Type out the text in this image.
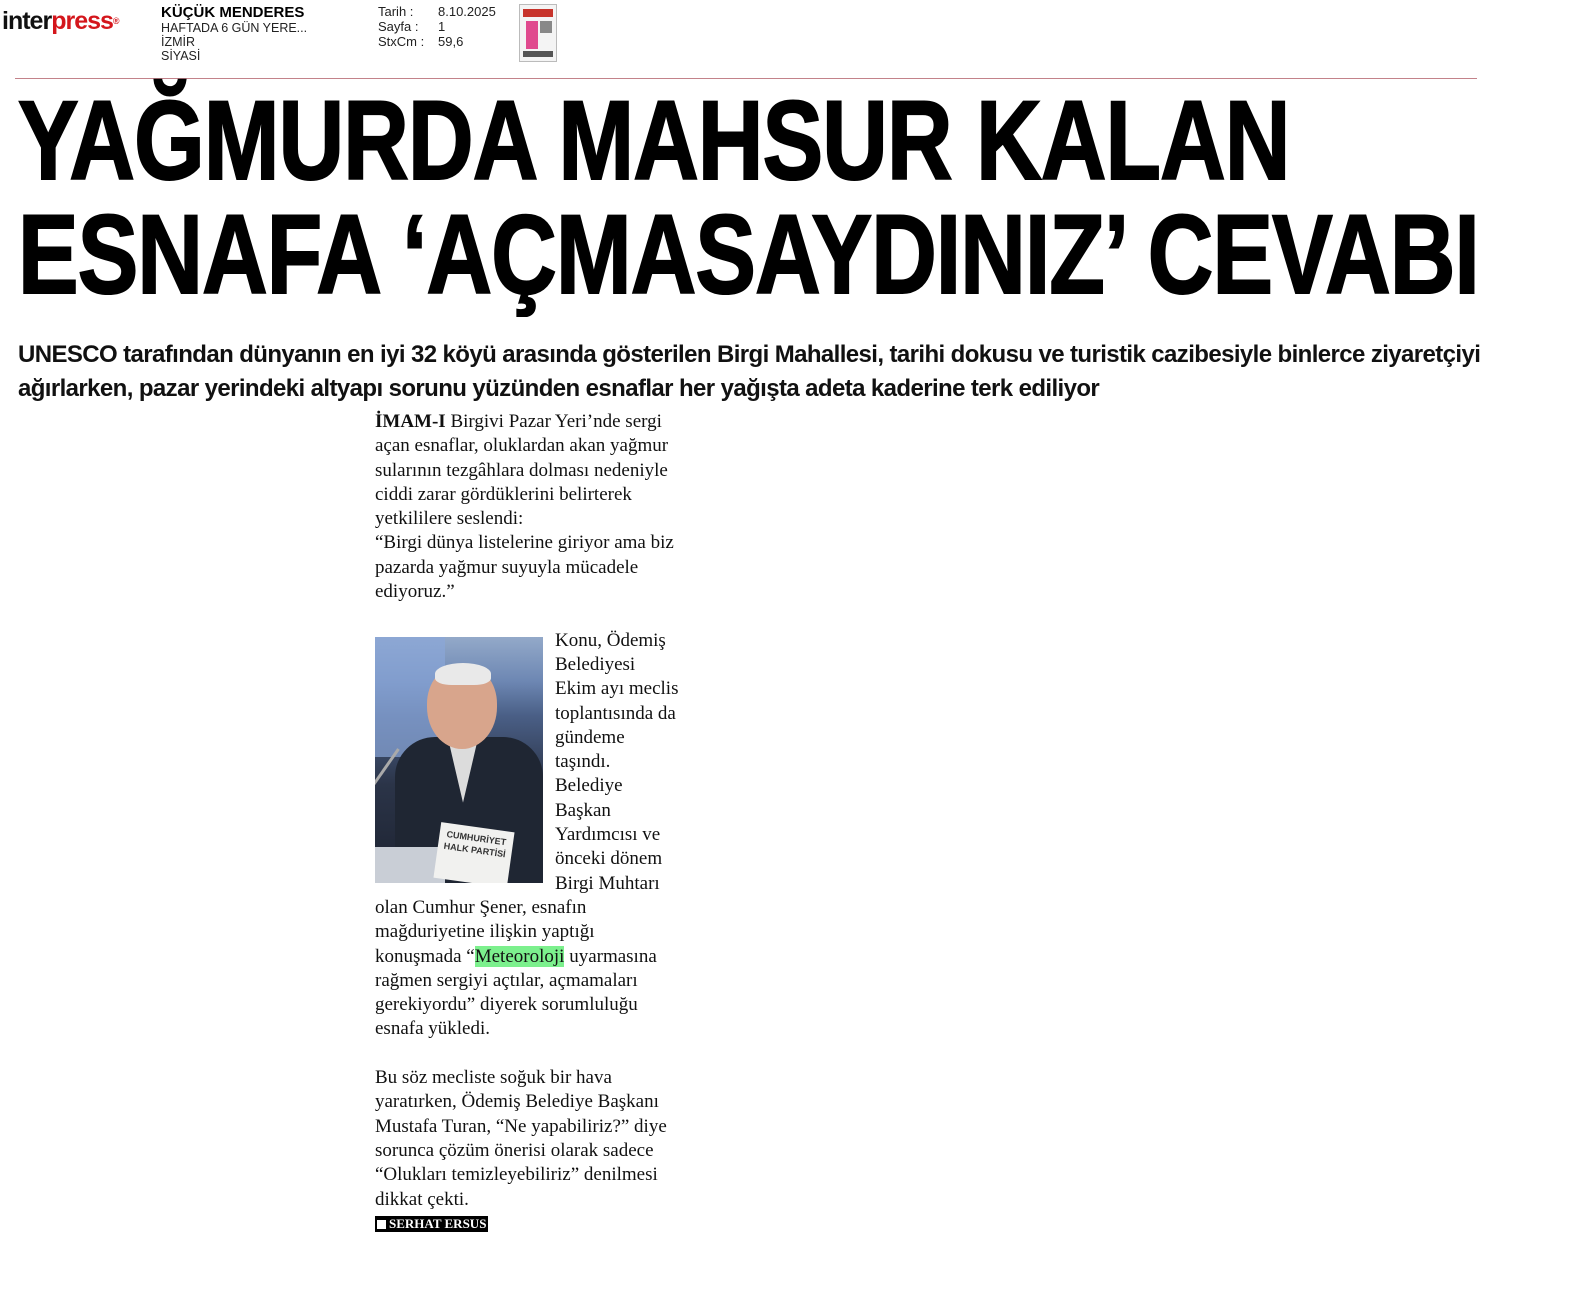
interpress®	KÜÇÜK MENDERES
HAFTADA 6 GÜN YERE...
İZMİR
SİYASİ
Tarih :	8.10.2025
Sayfa :	1
StxCm :	59,6
YAĞMURDA MAHSUR KALAN
ESNAFA ‘AÇMASAYDINIZ’ CEVABI

UNESCO tarafından dünyanın en iyi 32 köyü arasında gösterilen Birgi Mahallesi, tarihi dokusu ve turistik cazibesiyle binlerce ziyaretçiyi ağırlarken, pazar yerindeki altyapı sorunu yüzünden esnaflar her yağışta adeta kaderine terk ediliyor

İMAM-I Birgivi Pazar Yeri’nde sergi açan esnaflar, oluklardan akan yağmur sularının tezgâhlara dolması nedeniyle ciddi zarar gördüklerini belirterek yetkililere seslendi:

“Birgi dünya listelerine giriyor ama biz pazarda yağmur suyuyla mücadele ediyoruz.”

CUMHURİYET HALK PARTİSİ
Konu, Ödemiş Belediyesi Ekim ayı meclis toplantısında da gündeme taşındı. Belediye Başkan Yardımcısı ve önceki dönem Birgi Muhtarı olan Cumhur Şener, esnafın mağduriyetine ilişkin yaptığı konuşmada “Meteoroloji uyarmasına rağmen sergiyi açtılar, açmamaları gerekiyordu” diyerek sorumluluğu esnafa yükledi.

Bu söz mecliste soğuk bir hava yaratırken, Ödemiş Belediye Başkanı Mustafa Turan, “Ne yapabiliriz?” diye sorunca çözüm önerisi olarak sadece “Olukları temizleyebiliriz” denilmesi dikkat çekti.

SERHAT ERSUS
